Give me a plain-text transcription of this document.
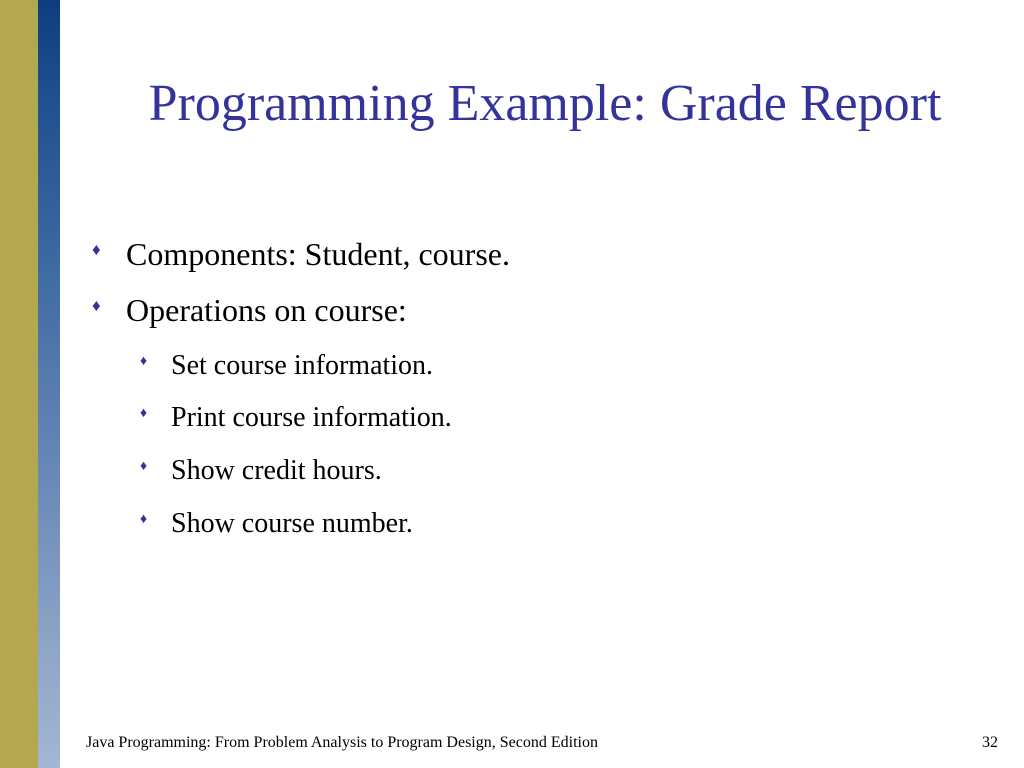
Programming Example: Grade Report
♦ Components: Student, course.
♦ Operations on course:
♦ Set course information.
♦ Print course information.
♦ Show credit hours.
♦ Show course number.
Java Programming: From Problem Analysis to Program Design, Second Edition	32
